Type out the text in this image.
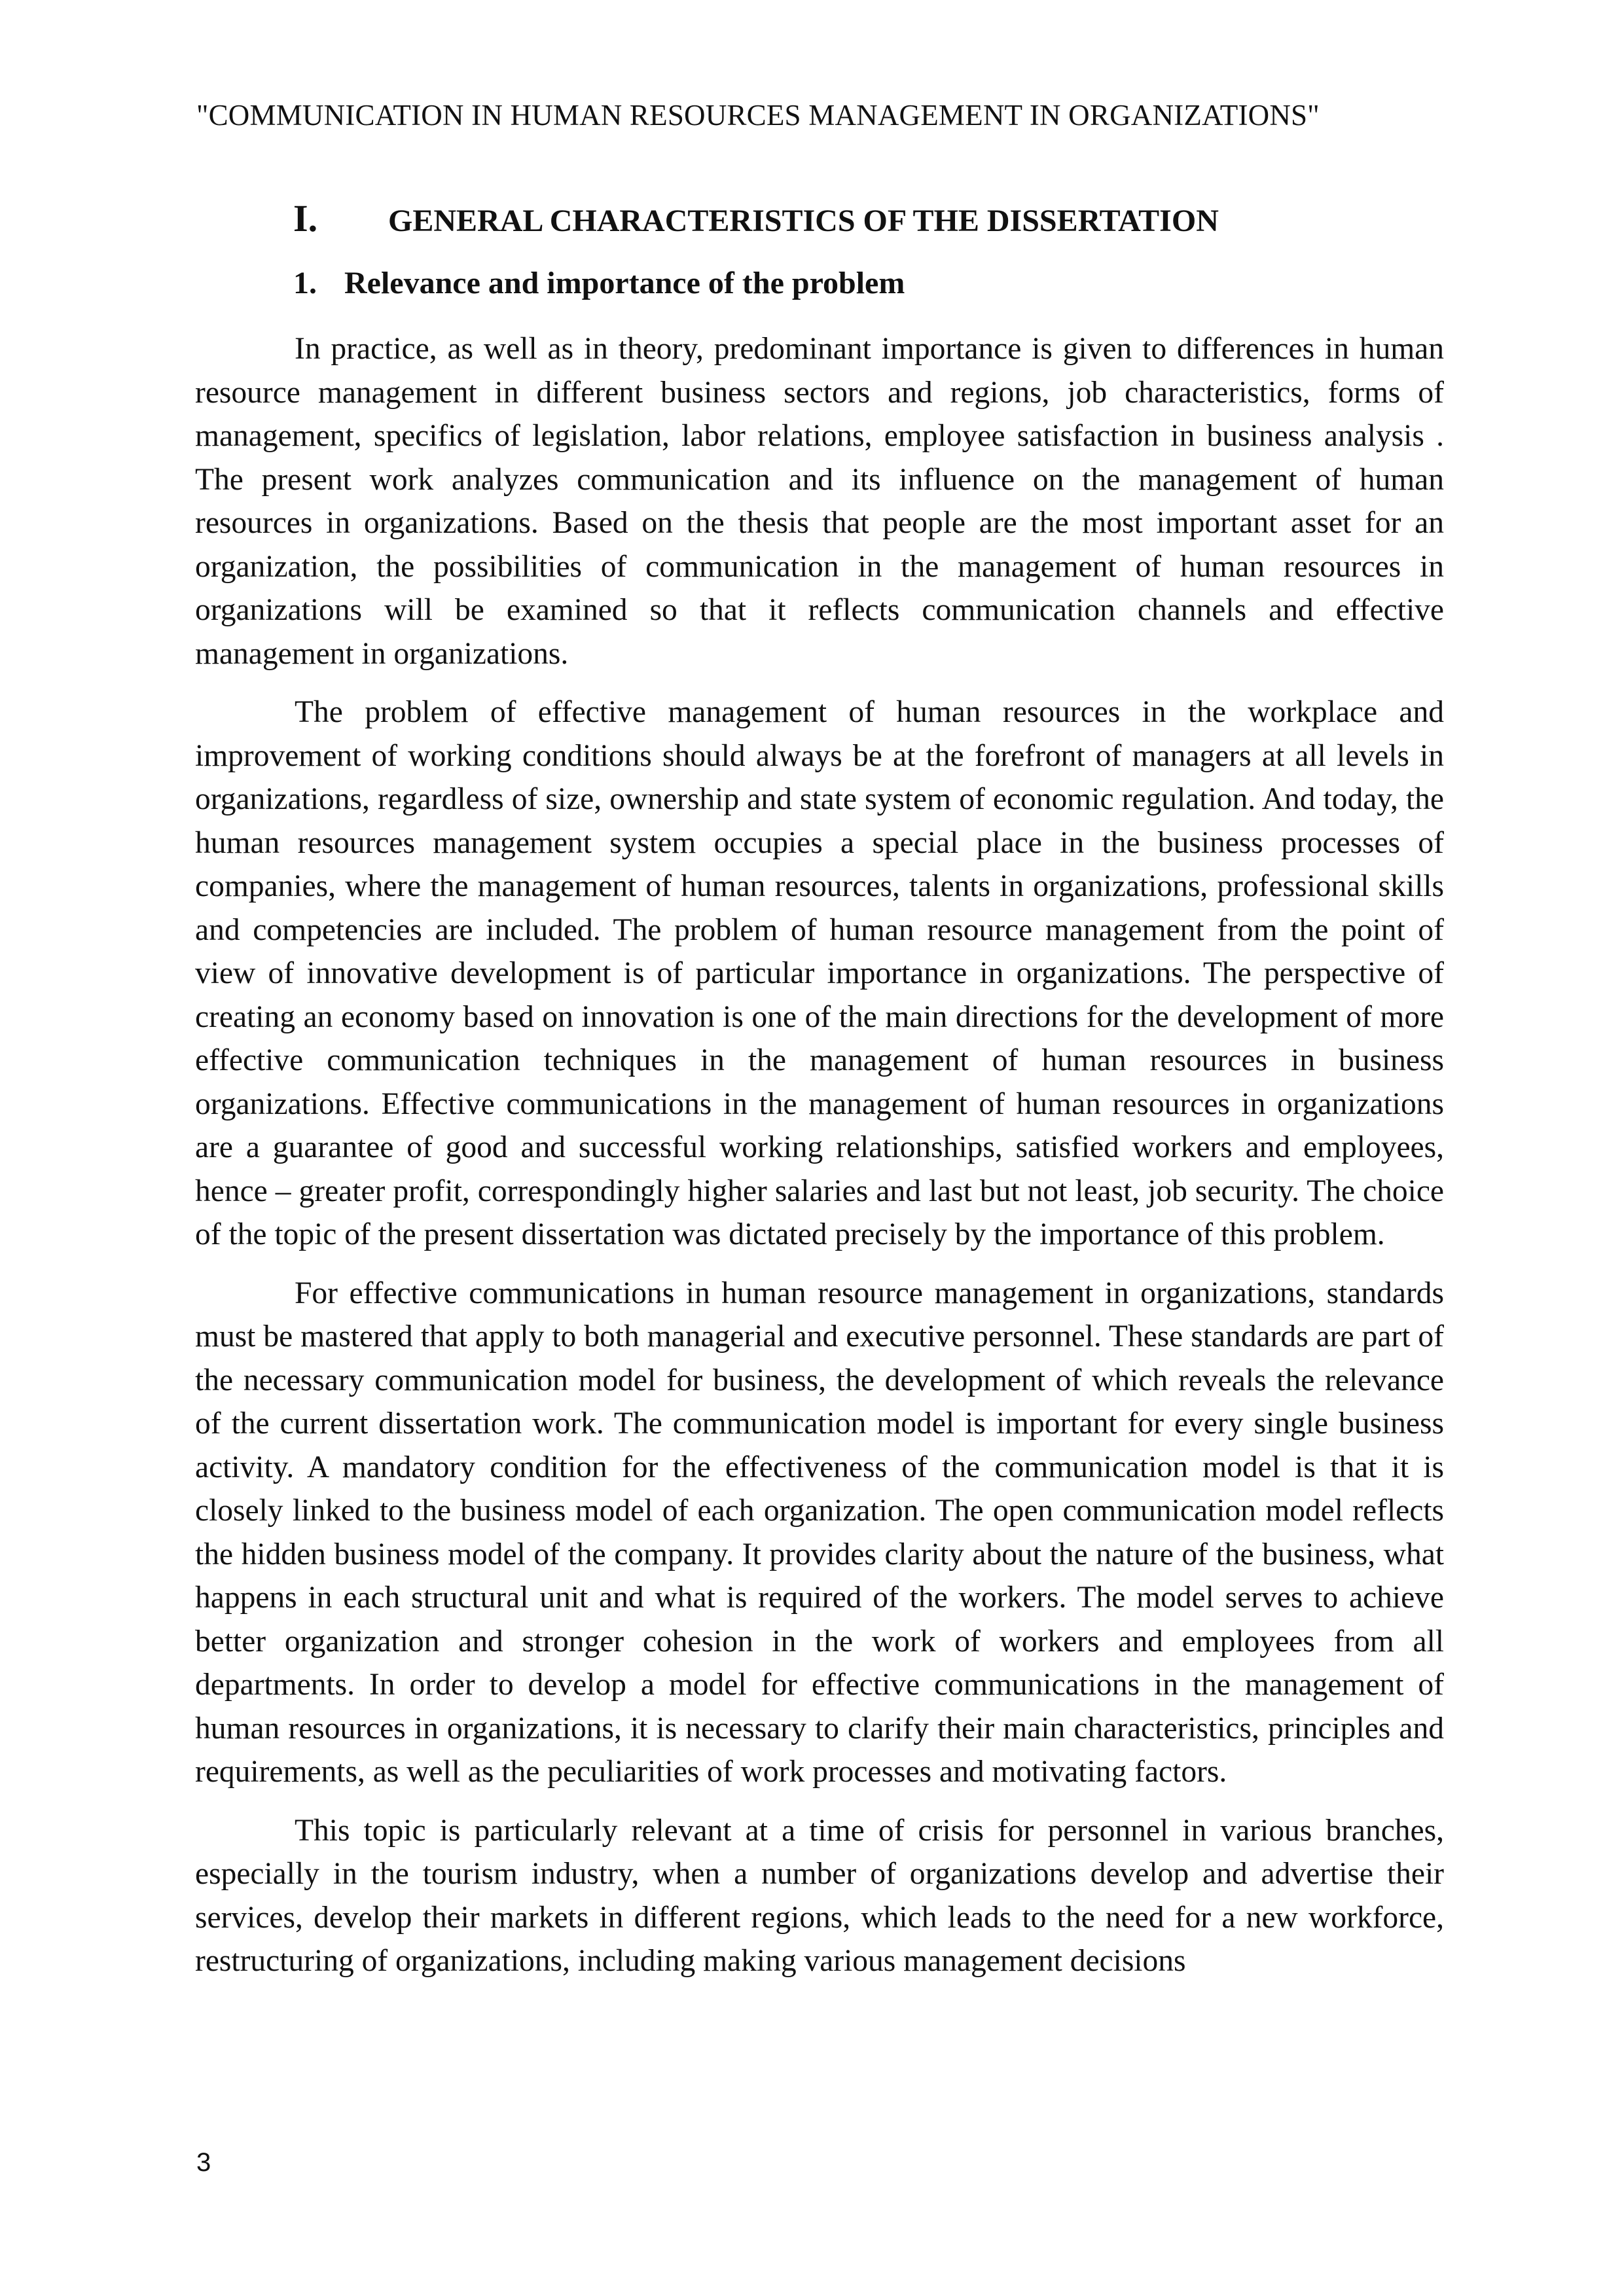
"COMMUNICATION IN HUMAN RESOURCES MANAGEMENT IN ORGANIZATIONS"
I. GENERAL CHARACTERISTICS OF THE DISSERTATION
1. Relevance and importance of the problem

In practice, as well as in theory, predominant importance is given to differences in human resource management in different business sectors and regions, job characteristics, forms of management, specifics of legislation, labor relations, employee satisfaction in business analysis . The present work analyzes communication and its influence on the management of human resources in organizations. Based on the thesis that people are the most important asset for an organization, the possibilities of communication in the management of human resources in organizations will be examined so that it reflects communication channels and effective management in organizations.

The problem of effective management of human resources in the workplace and improvement of working conditions should always be at the forefront of managers at all levels in organizations, regardless of size, ownership and state system of economic regulation. And today, the human resources management system occupies a special place in the business processes of companies, where the management of human resources, talents in organizations, professional skills and competencies are included. The problem of human resource management from the point of view of innovative development is of particular importance in organizations. The perspective of creating an economy based on innovation is one of the main directions for the development of more effective communication techniques in the management of human resources in business organizations. Effective communications in the management of human resources in organizations are a guarantee of good and successful working relationships, satisfied workers and employees, hence – greater profit, correspondingly higher salaries and last but not least, job security. The choice of the topic of the present dissertation was dictated precisely by the importance of this problem.

For effective communications in human resource management in organizations, standards must be mastered that apply to both managerial and executive personnel. These standards are part of the necessary communication model for business, the development of which reveals the relevance of the current dissertation work. The communication model is important for every single business activity. A mandatory condition for the effectiveness of the communication model is that it is closely linked to the business model of each organization. The open communication model reflects the hidden business model of the company. It provides clarity about the nature of the business, what happens in each structural unit and what is required of the workers. The model serves to achieve better organization and stronger cohesion in the work of workers and employees from all departments. In order to develop a model for effective communications in the management of human resources in organizations, it is necessary to clarify their main characteristics, principles and requirements, as well as the peculiarities of work processes and motivating factors.

This topic is particularly relevant at a time of crisis for personnel in various branches, especially in the tourism industry, when a number of organizations develop and advertise their services, develop their markets in different regions, which leads to the need for a new workforce, restructuring of organizations, including making various management decisions

3
